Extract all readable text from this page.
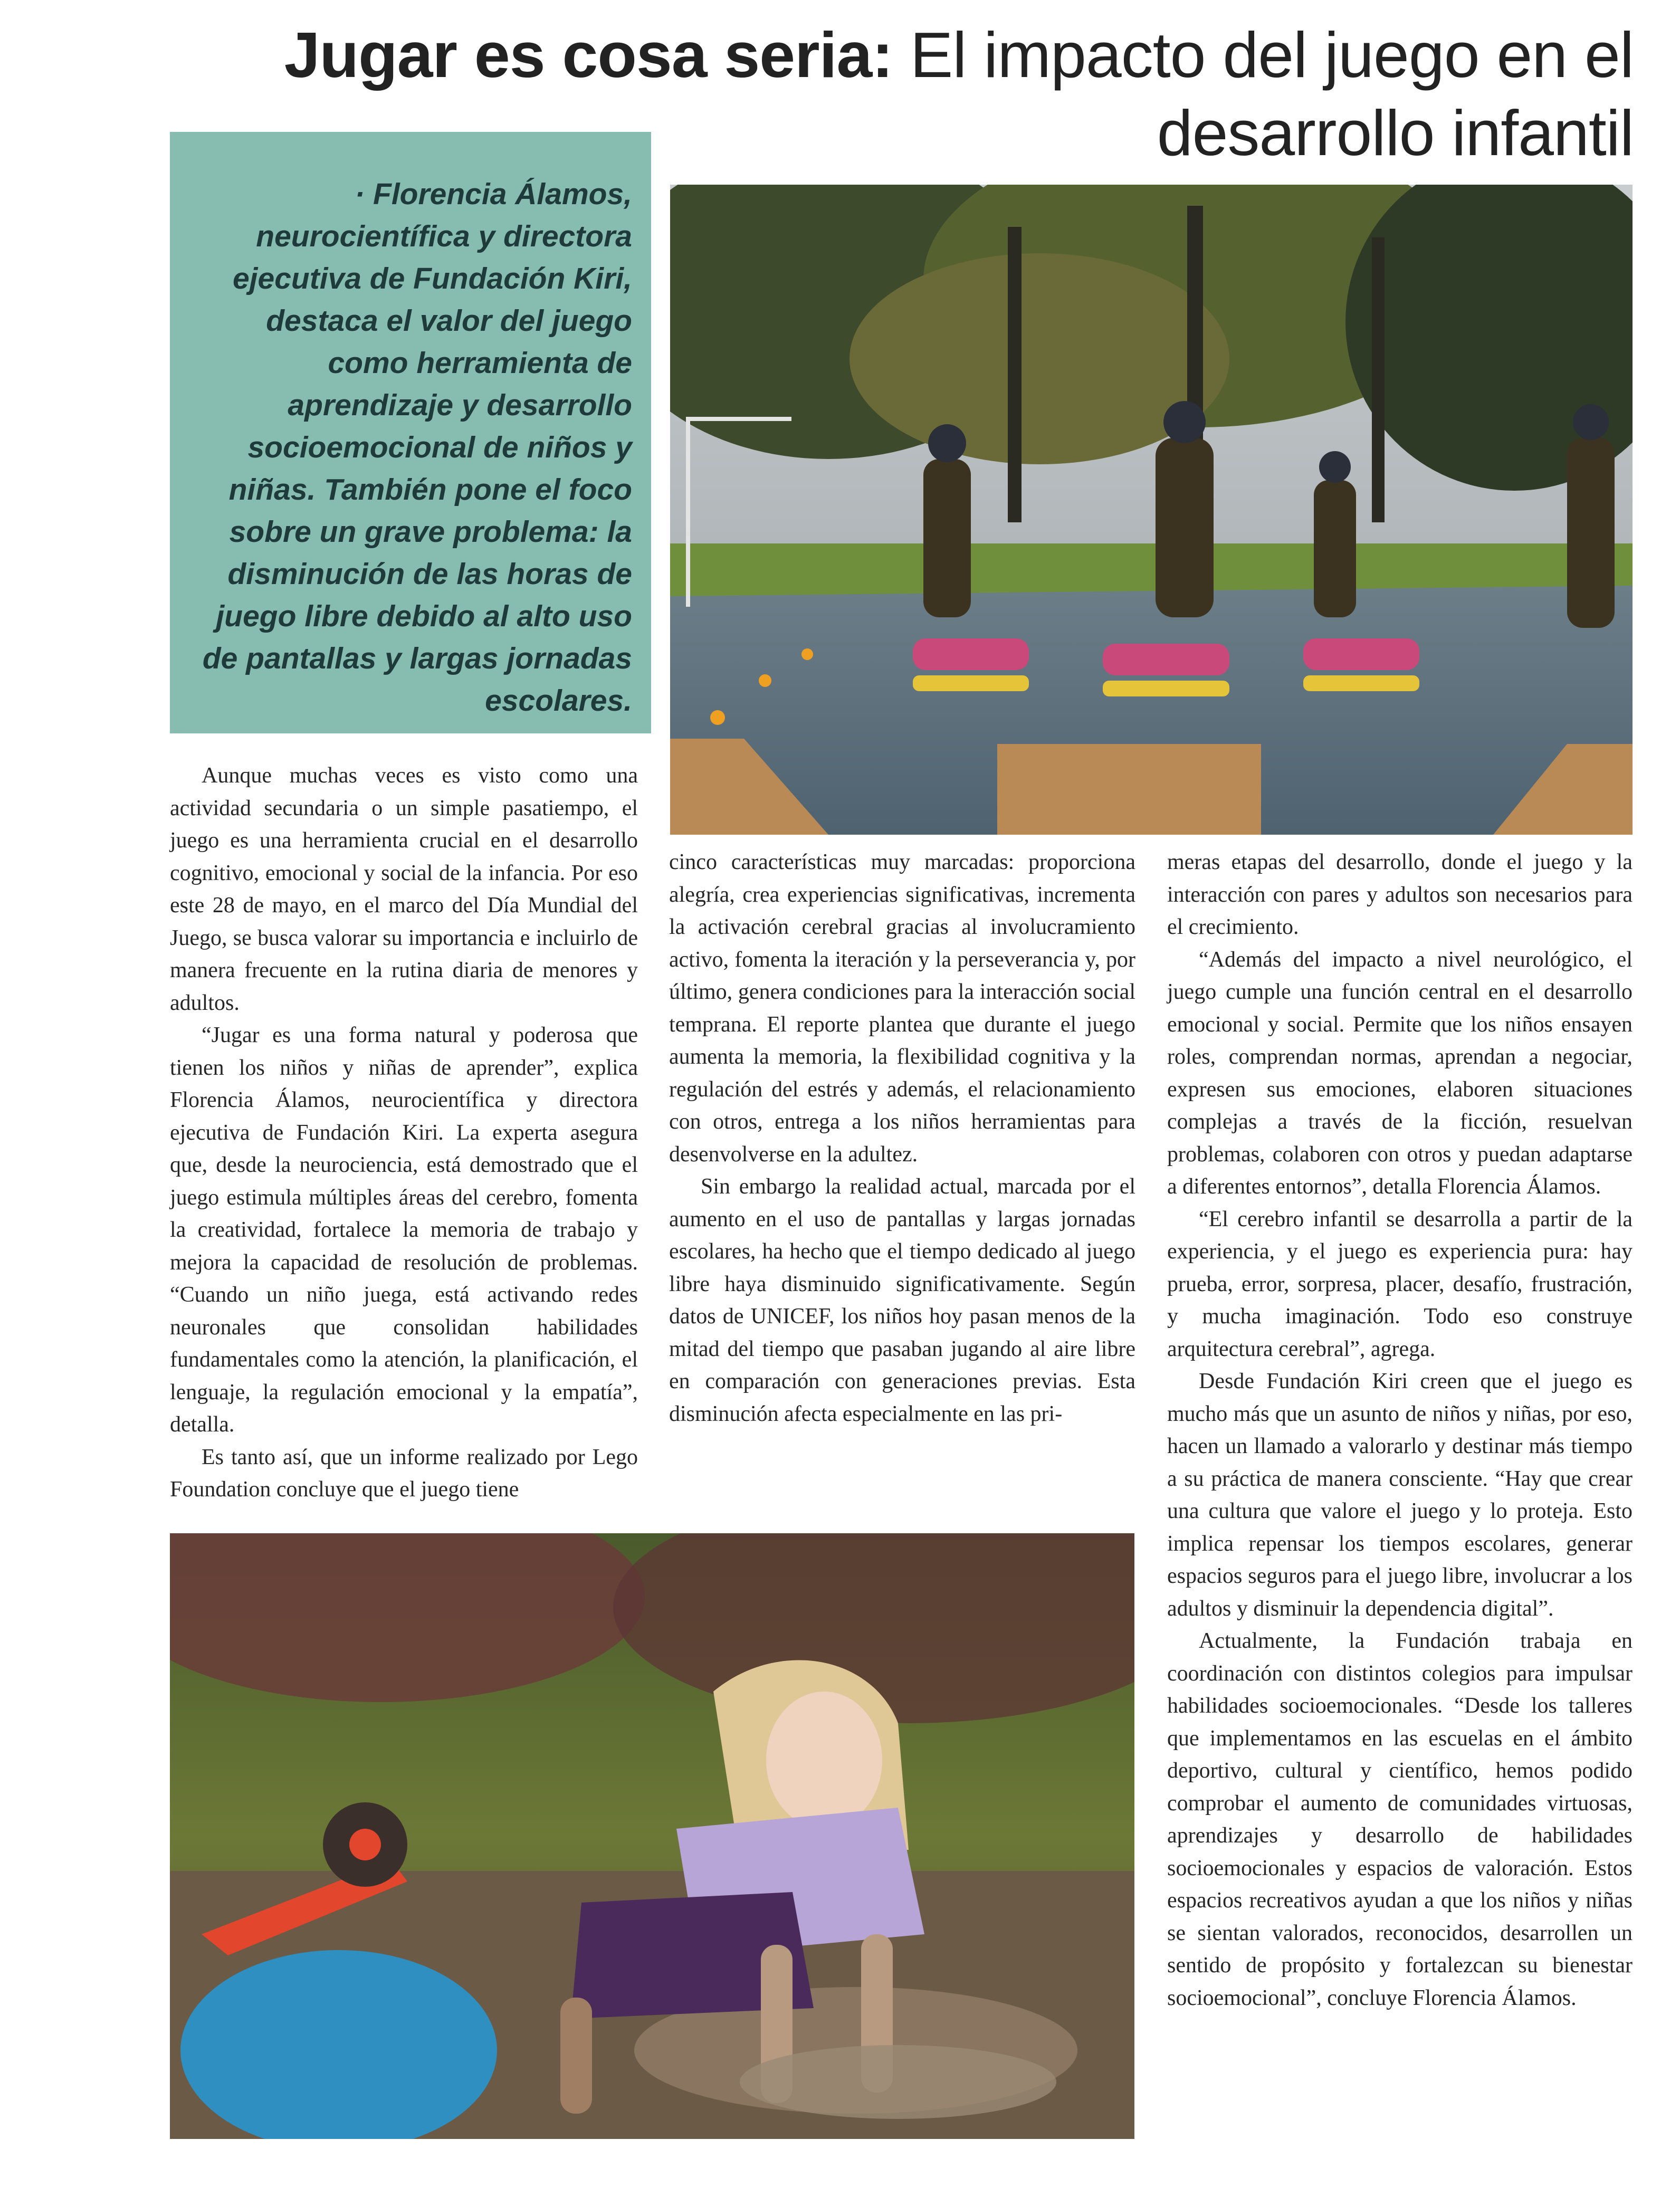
Jugar es cosa seria: El impacto del juego en el desarrollo infantil

· Florencia Álamos, neurocientífica y directora ejecutiva de Fundación Kiri, destaca el valor del juego como herramienta de aprendizaje y desarrollo socioemocional de niños y niñas. También pone el foco sobre un grave problema: la disminución de las horas de juego libre debido al alto uso de pantallas y largas jornadas escolares.

Aunque muchas veces es visto como una actividad secundaria o un simple pasatiempo, el juego es una herramienta crucial en el desarrollo cognitivo, emocional y social de la infancia. Por eso este 28 de mayo, en el marco del Día Mundial del Juego, se busca valorar su importancia e incluirlo de manera frecuente en la rutina diaria de menores y adultos.

“Jugar es una forma natural y poderosa que tienen los niños y niñas de aprender”, explica Florencia Álamos, neurocientífica y directora ejecutiva de Fundación Kiri. La experta asegura que, desde la neurociencia, está demostrado que el juego estimula múltiples áreas del cerebro, fomenta la creatividad, fortalece la memoria de trabajo y mejora la capacidad de resolución de problemas. “Cuando un niño juega, está activando redes neuronales que consolidan habilidades fundamentales como la atención, la planificación, el lenguaje, la regulación emocional y la empatía”, detalla.

Es tanto así, que un informe realizado por Lego Foundation concluye que el juego tiene

cinco características muy marcadas: proporciona alegría, crea experiencias significativas, incrementa la activación cerebral gracias al involucramiento activo, fomenta la iteración y la perseverancia y, por último, genera condiciones para la interacción social temprana. El reporte plantea que durante el juego aumenta la memoria, la flexibilidad cognitiva y la regulación del estrés y además, el relacionamiento con otros, entrega a los niños herramientas para desenvolverse en la adultez.

Sin embargo la realidad actual, marcada por el aumento en el uso de pantallas y largas jornadas escolares, ha hecho que el tiempo dedicado al juego libre haya disminuido significativamente. Según datos de UNICEF, los niños hoy pasan menos de la mitad del tiempo que pasaban jugando al aire libre en comparación con generaciones previas. Esta disminución afecta especialmente en las pri-

meras etapas del desarrollo, donde el juego y la interacción con pares y adultos son necesarios para el crecimiento.

“Además del impacto a nivel neurológico, el juego cumple una función central en el desarrollo emocional y social. Permite que los niños ensayen roles, comprendan normas, aprendan a negociar, expresen sus emociones, elaboren situaciones complejas a través de la ficción, resuelvan problemas, colaboren con otros y puedan adaptarse a diferentes entornos”, detalla Florencia Álamos.

“El cerebro infantil se desarrolla a partir de la experiencia, y el juego es experiencia pura: hay prueba, error, sorpresa, placer, desafío, frustración, y mucha imaginación. Todo eso construye arquitectura cerebral”, agrega.

Desde Fundación Kiri creen que el juego es mucho más que un asunto de niños y niñas, por eso, hacen un llamado a valorarlo y destinar más tiempo a su práctica de manera consciente. “Hay que crear una cultura que valore el juego y lo proteja. Esto implica repensar los tiempos escolares, generar espacios seguros para el juego libre, involucrar a los adultos y disminuir la dependencia digital”.

Actualmente, la Fundación trabaja en coordinación con distintos colegios para impulsar habilidades socioemocionales. “Desde los talleres que implementamos en las escuelas en el ámbito deportivo, cultural y científico, hemos podido comprobar el aumento de comunidades virtuosas, aprendizajes y desarrollo de habilidades socioemocionales y espacios de valoración. Estos espacios recreativos ayudan a que los niños y niñas se sientan valorados, reconocidos, desarrollen un sentido de propósito y fortalezcan su bienestar socioemocional”, concluye Florencia Álamos.
